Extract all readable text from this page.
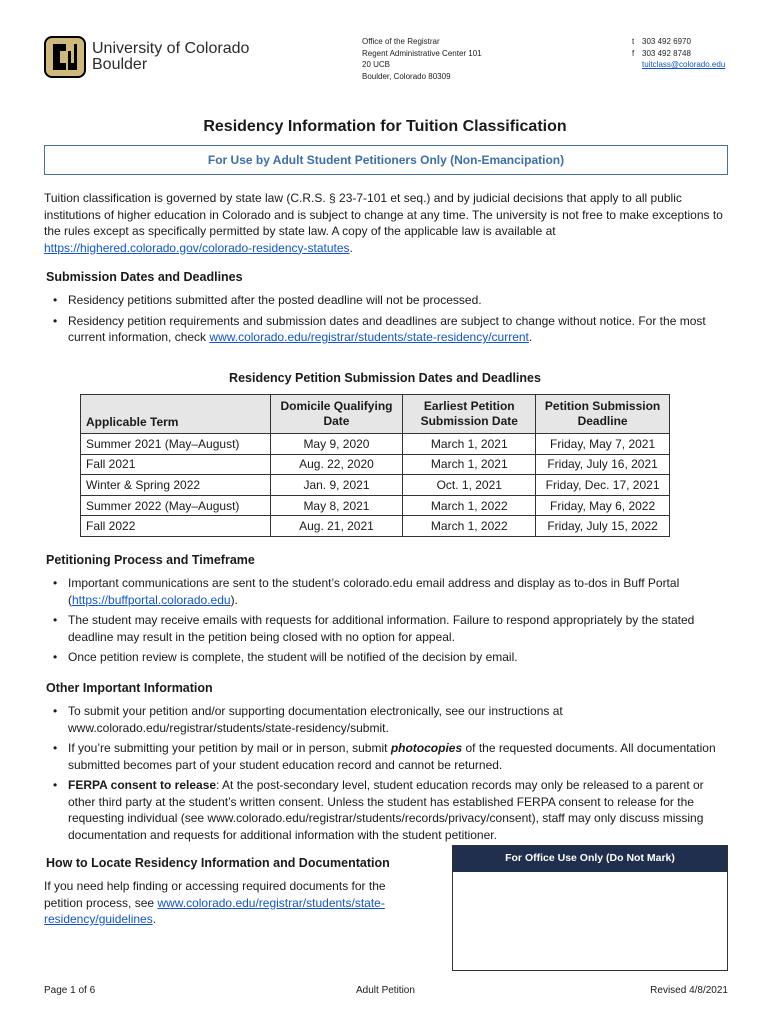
University of Colorado
Boulder
Office of the Registrar
Regent Administrative Center 101
20 UCB
Boulder, Colorado 80309
t 303 492 6970
f 303 492 8748
tuitclass@colorado.edu
Residency Information for Tuition Classification
For Use by Adult Student Petitioners Only (Non-Emancipation)

Tuition classification is governed by state law (C.R.S. § 23-7-101 et seq.) and by judicial decisions that apply to all public institutions of higher education in Colorado and is subject to change at any time. The university is not free to make exceptions to the rules except as specifically permitted by state law. A copy of the applicable law is available at https://highered.colorado.gov/colorado-residency-statutes.

Submission Dates and Deadlines
• Residency petitions submitted after the posted deadline will not be processed.
• Residency petition requirements and submission dates and deadlines are subject to change without notice. For the most current information, check www.colorado.edu/registrar/students/state-residency/current.
Residency Petition Submission Dates and Deadlines
Applicable Term	Domicile Qualifying Date	Earliest Petition Submission Date	Petition Submission Deadline
Summer 2021 (May–August)	May 9, 2020	March 1, 2021	Friday, May 7, 2021
Fall 2021	Aug. 22, 2020	March 1, 2021	Friday, July 16, 2021
Winter & Spring 2022	Jan. 9, 2021	Oct. 1, 2021	Friday, Dec. 17, 2021
Summer 2022 (May–August)	May 8, 2021	March 1, 2022	Friday, May 6, 2022
Fall 2022	Aug. 21, 2021	March 1, 2022	Friday, July 15, 2022
Petitioning Process and Timeframe
• Important communications are sent to the student’s colorado.edu email address and display as to-dos in Buff Portal (https://buffportal.colorado.edu).
• The student may receive emails with requests for additional information. Failure to respond appropriately by the stated deadline may result in the petition being closed with no option for appeal.
• Once petition review is complete, the student will be notified of the decision by email.
Other Important Information
• To submit your petition and/or supporting documentation electronically, see our instructions at www.colorado.edu/registrar/students/state-residency/submit.
• If you’re submitting your petition by mail or in person, submit photocopies of the requested documents. All documentation submitted becomes part of your student education record and cannot be returned.
• FERPA consent to release: At the post-secondary level, student education records may only be released to a parent or other third party at the student’s written consent. Unless the student has established FERPA consent to release for the requesting individual (see www.colorado.edu/registrar/students/records/privacy/consent), staff may only discuss missing documentation and requests for additional information with the student petitioner.
How to Locate Residency Information and Documentation

If you need help finding or accessing required documents for the petition process, see www.colorado.edu/registrar/students/state-residency/guidelines.

For Office Use Only (Do Not Mark)
Page 1 of 6	Adult Petition	Revised 4/8/2021
